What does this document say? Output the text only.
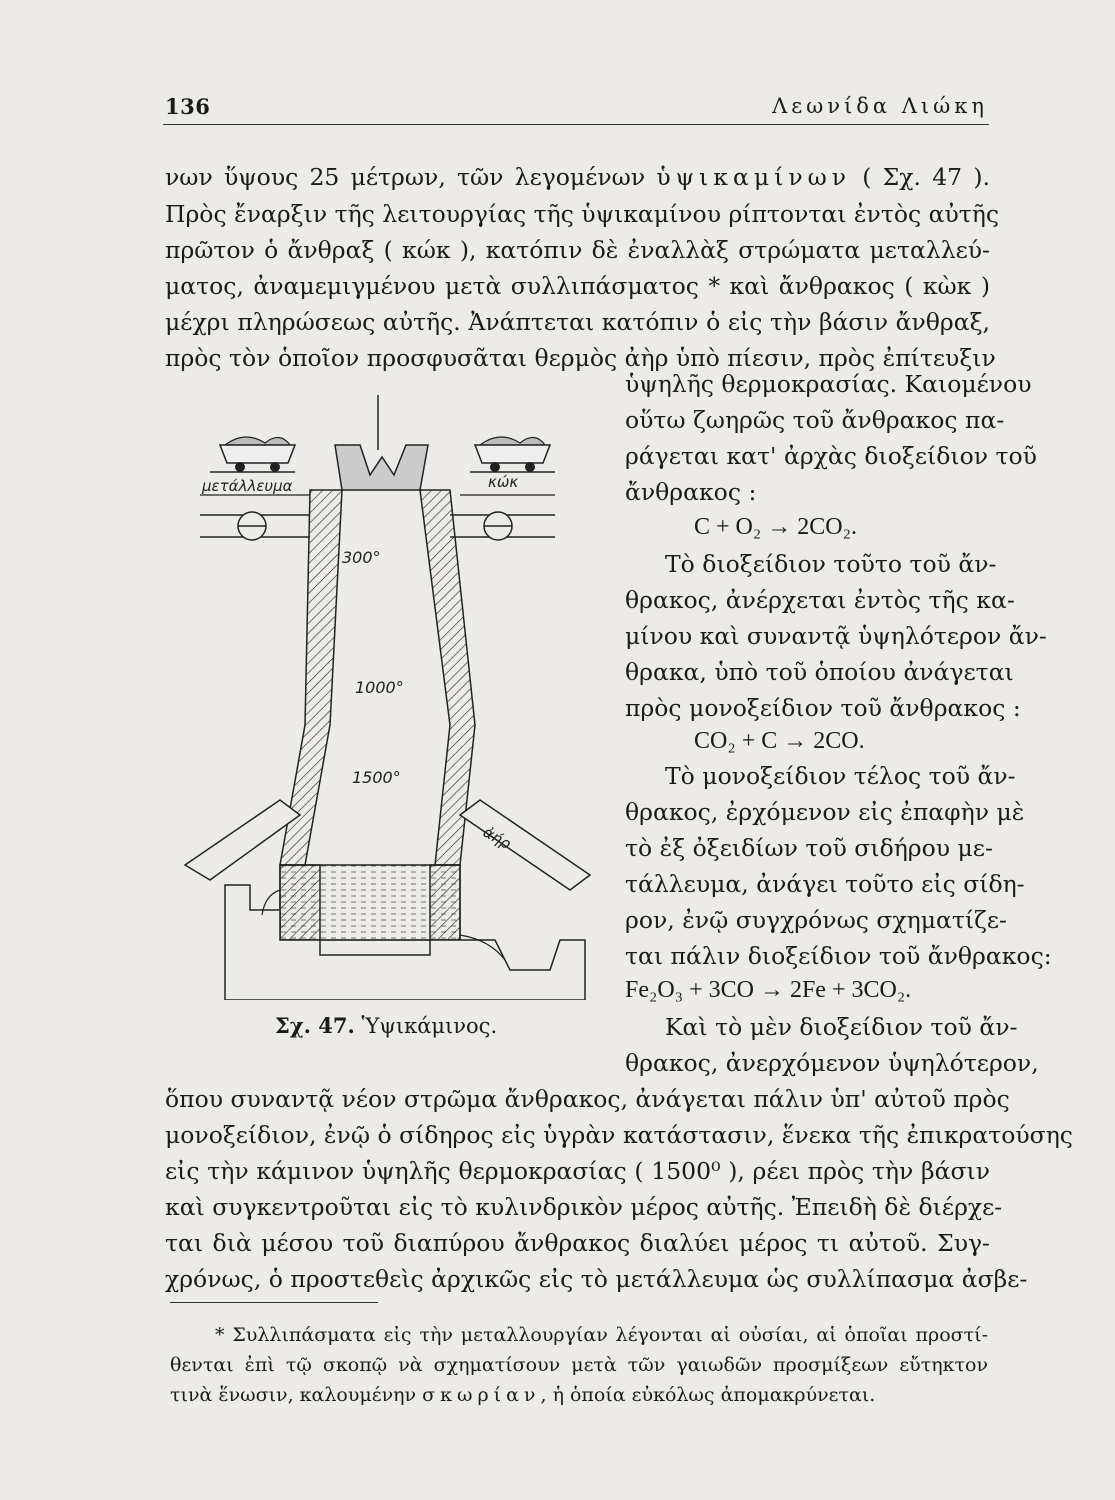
136	Λεωνίδα Λιώκη
νων ὕψους 25 μέτρων, τῶν λεγομένων ὑψικαμίνων ( Σχ. 47 ).
Πρὸς ἔναρξιν τῆς λειτουργίας τῆς ὑψικαμίνου ρίπτονται ἐντὸς αὐτῆς
πρῶτον ὁ ἄνθραξ ( κώκ ), κατόπιν δὲ ἐναλλὰξ στρώματα μεταλλεύ-
ματος, ἀναμεμιγμένου μετὰ συλλιπάσματος * καὶ ἄνθρακος ( κὼκ )
μέχρι πληρώσεως αὐτῆς. Ἀνάπτεται κατόπιν ὁ εἰς τὴν βάσιν ἄνθραξ,
πρὸς τὸν ὁποῖον προσφυσᾶται θερμὸς ἀὴρ ὑπὸ πίεσιν, πρὸς ἐπίτευξιν
ὑψηλῆς θερμοκρασίας. Καιομένου
οὕτω ζωηρῶς τοῦ ἄνθρακος πα-
ράγεται κατ' ἀρχὰς διοξείδιον τοῦ
ἄνθρακος :
C + O₂ → 2CO₂.
Τὸ διοξείδιον τοῦτο τοῦ ἄν-
θρακος, ἀνέρχεται ἐντὸς τῆς κα-
μίνου καὶ συναντᾷ ὑψηλότερον ἄν-
θρακα, ὑπὸ τοῦ ὁποίου ἀνάγεται
πρὸς μονοξείδιον τοῦ ἄνθρακος :
CO₂ + C → 2CO.
Τὸ μονοξείδιον τέλος τοῦ ἄν-
θρακος, ἐρχόμενον εἰς ἐπαφὴν μὲ
τὸ ἐξ ὀξειδίων τοῦ σιδήρου με-
τάλλευμα, ἀνάγει τοῦτο εἰς σίδη-
ρον, ἐνῷ συγχρόνως σχηματίζε-
ται πάλιν διοξείδιον τοῦ ἄνθρακος:
Fe₂O₃ + 3CO → 2Fe + 3CO₂.
Καὶ τὸ μὲν διοξείδιον τοῦ ἄν-
θρακος, ἀνερχόμενον ὑψηλότερον,
ὅπου συναντᾷ νέον στρῶμα ἄνθρακος, ἀνάγεται πάλιν ὑπ' αὐτοῦ πρὸς
μονοξείδιον, ἐνῷ ὁ σίδηρος εἰς ὑγρὰν κατάστασιν, ἕνεκα τῆς ἐπικρατούσης
εἰς τὴν κάμινον ὑψηλῆς θερμοκρασίας ( 1500⁰ ), ρέει πρὸς τὴν βάσιν
καὶ συγκεντροῦται εἰς τὸ κυλινδρικὸν μέρος αὐτῆς. Ἐπειδὴ δὲ διέρχε-
ται διὰ μέσου τοῦ διαπύρου ἄνθρακος διαλύει μέρος τι αὐτοῦ. Συγ-
χρόνως, ὁ προστεθεὶς ἀρχικῶς εἰς τὸ μετάλλευμα ὡς συλλίπασμα ἀσβε-
μετάλλευμα	κώκ
300°
1000°
1500°
ἀήρ
Σχ. 47. Ὑψικάμινος.
* Συλλιπάσματα εἰς τὴν μεταλλουργίαν λέγονται αἱ οὐσίαι, αἱ ὁποῖαι προστί-
θενται ἐπὶ τῷ σκοπῷ νὰ σχηματίσουν μετὰ τῶν γαιωδῶν προσμίξεων εὔτηκτον
τινὰ ἕνωσιν, καλουμένην σκωρίαν, ἡ ὁποία εὐκόλως ἀπομακρύνεται.
